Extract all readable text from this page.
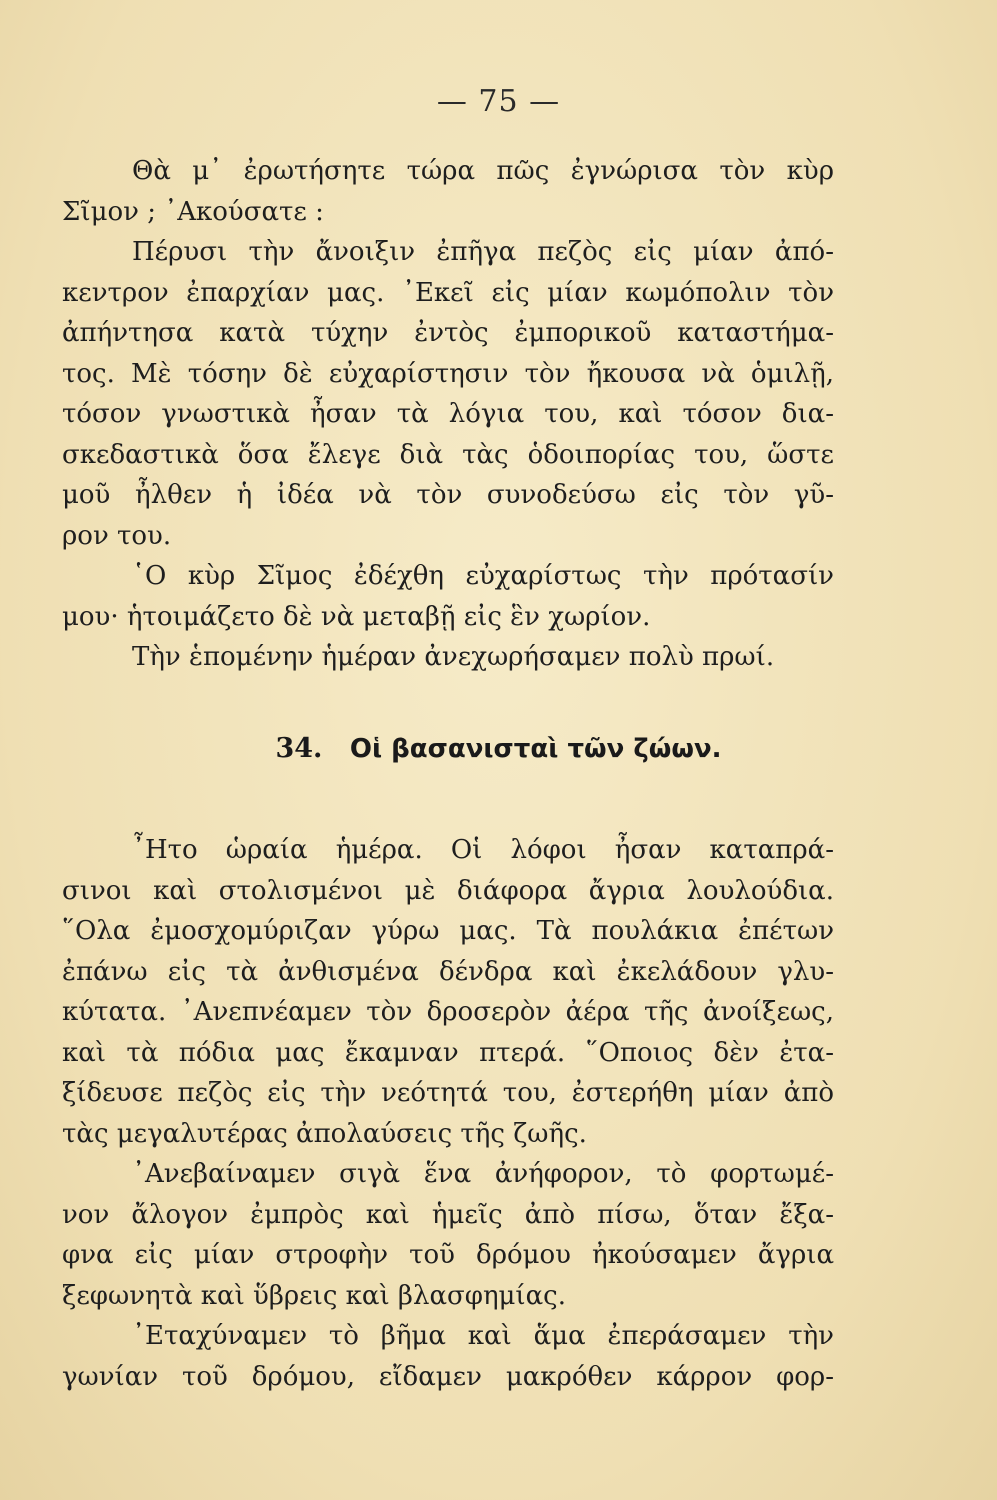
— 75 —
Θὰ μ᾿ ἐρωτήσητε τώρα πῶς ἐγνώρισα τὸν κὺρ
Σῖμον ; ᾿Ακούσατε :
Πέρυσι τὴν ἄνοιξιν ἐπῆγα πεζὸς εἰς μίαν ἀπό-
κεντρον ἐπαρχίαν μας. ᾿Εκεῖ εἰς μίαν κωμόπολιν τὸν
ἀπήντησα κατὰ τύχην ἐντὸς ἐμπορικοῦ καταστήμα-
τος. Μὲ τόσην δὲ εὐχαρίστησιν τὸν ἤκουσα νὰ ὁμιλῇ,
τόσον γνωστικὰ ἦσαν τὰ λόγια του, καὶ τόσον δια-
σκεδαστικὰ ὅσα ἔλεγε διὰ τὰς ὁδοιπορίας του, ὥστε
μοῦ ἦλθεν ἡ ἰδέα νὰ τὸν συνοδεύσω εἰς τὸν γῦ-
ρον του.
῾Ο κὺρ Σῖμος ἐδέχθη εὐχαρίστως τὴν πρότασίν
μου· ἡτοιμάζετο δὲ νὰ μεταβῇ εἰς ἓν χωρίον.
Τὴν ἑπομένην ἡμέραν ἀνεχωρήσαμεν πολὺ πρωί.
34. Οἱ βασανισταὶ τῶν ζώων.
῏Ητο ὡραία ἡμέρα. Οἱ λόφοι ἦσαν καταπρά-
σινοι καὶ στολισμένοι μὲ διάφορα ἄγρια λουλούδια.
῞Ολα ἐμοσχομύριζαν γύρω μας. Τὰ πουλάκια ἐπέτων
ἐπάνω εἰς τὰ ἀνθισμένα δένδρα καὶ ἐκελάδουν γλυ-
κύτατα. ᾿Ανεπνέαμεν τὸν δροσερὸν ἀέρα τῆς ἀνοίξεως,
καὶ τὰ πόδια μας ἔκαμναν πτερά. ῞Οποιος δὲν ἐτα-
ξίδευσε πεζὸς εἰς τὴν νεότητά του, ἐστερήθη μίαν ἀπὸ
τὰς μεγαλυτέρας ἀπολαύσεις τῆς ζωῆς.
᾿Ανεβαίναμεν σιγὰ ἕνα ἀνήφορον, τὸ φορτωμέ-
νον ἄλογον ἐμπρὸς καὶ ἡμεῖς ἀπὸ πίσω, ὅταν ἔξα-
φνα εἰς μίαν στροφὴν τοῦ δρόμου ἠκούσαμεν ἄγρια
ξεφωνητὰ καὶ ὕβρεις καὶ βλασφημίας.
᾿Εταχύναμεν τὸ βῆμα καὶ ἅμα ἐπεράσαμεν τὴν
γωνίαν τοῦ δρόμου, εἴδαμεν μακρόθεν κάρρον φορ-
